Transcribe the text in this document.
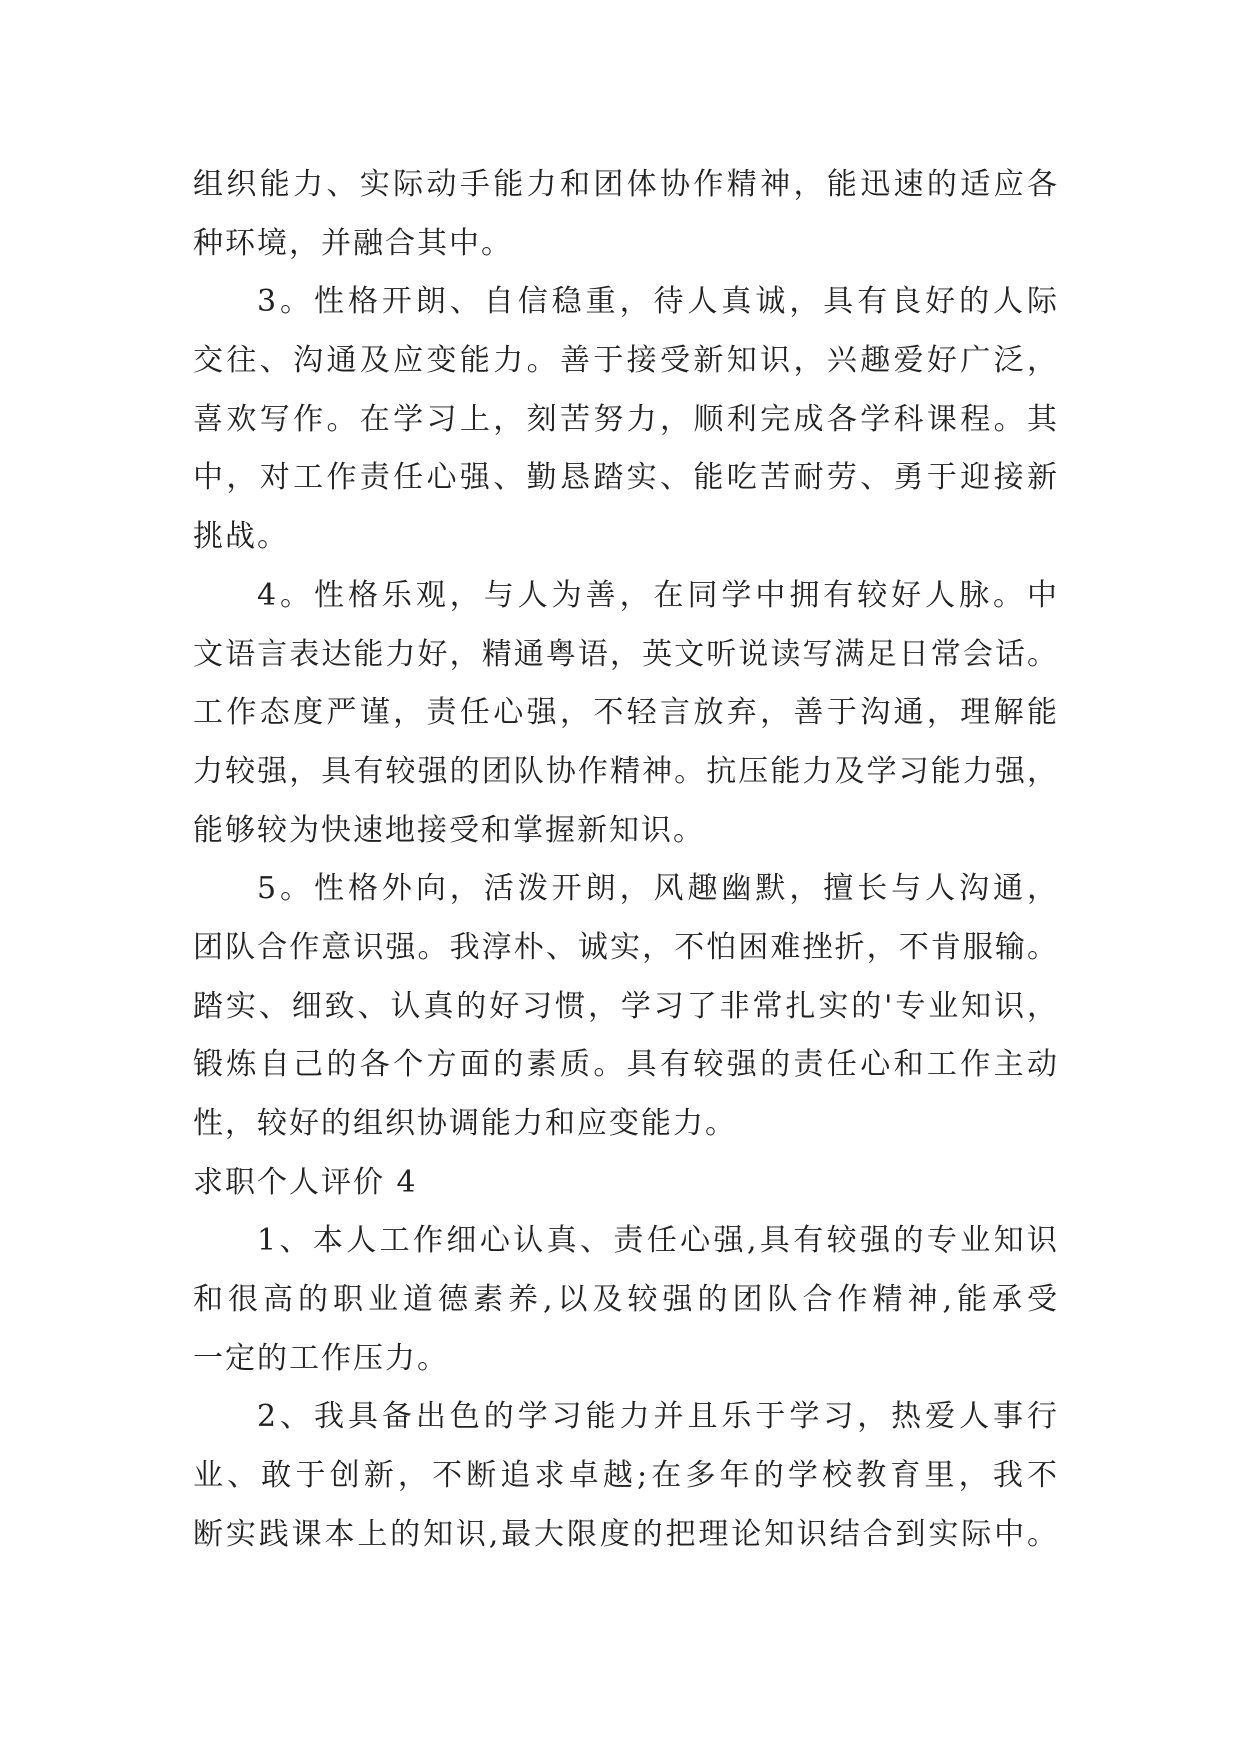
组织能力、实际动手能力和团体协作精神，能迅速的适应各
种环境，并融合其中。
3。性格开朗、自信稳重，待人真诚，具有良好的人际
交往、沟通及应变能力。善于接受新知识，兴趣爱好广泛，
喜欢写作。在学习上，刻苦努力，顺利完成各学科课程。其
中，对工作责任心强、勤恳踏实、能吃苦耐劳、勇于迎接新
挑战。
4。性格乐观，与人为善，在同学中拥有较好人脉。中
文语言表达能力好，精通粤语，英文听说读写满足日常会话。
工作态度严谨，责任心强，不轻言放弃，善于沟通，理解能
力较强，具有较强的团队协作精神。抗压能力及学习能力强，
能够较为快速地接受和掌握新知识。
5。性格外向，活泼开朗，风趣幽默，擅长与人沟通，
团队合作意识强。我淳朴、诚实，不怕困难挫折，不肯服输。
踏实、细致、认真的好习惯，学习了非常扎实的'专业知识，
锻炼自己的各个方面的素质。具有较强的责任心和工作主动
性，较好的组织协调能力和应变能力。
求职个人评价 4
1、本人工作细心认真、责任心强,具有较强的专业知识
和很高的职业道德素养,以及较强的团队合作精神,能承受
一定的工作压力。
2、我具备出色的学习能力并且乐于学习，热爱人事行
业、敢于创新，不断追求卓越;在多年的学校教育里，我不
断实践课本上的知识,最大限度的把理论知识结合到实际中。
